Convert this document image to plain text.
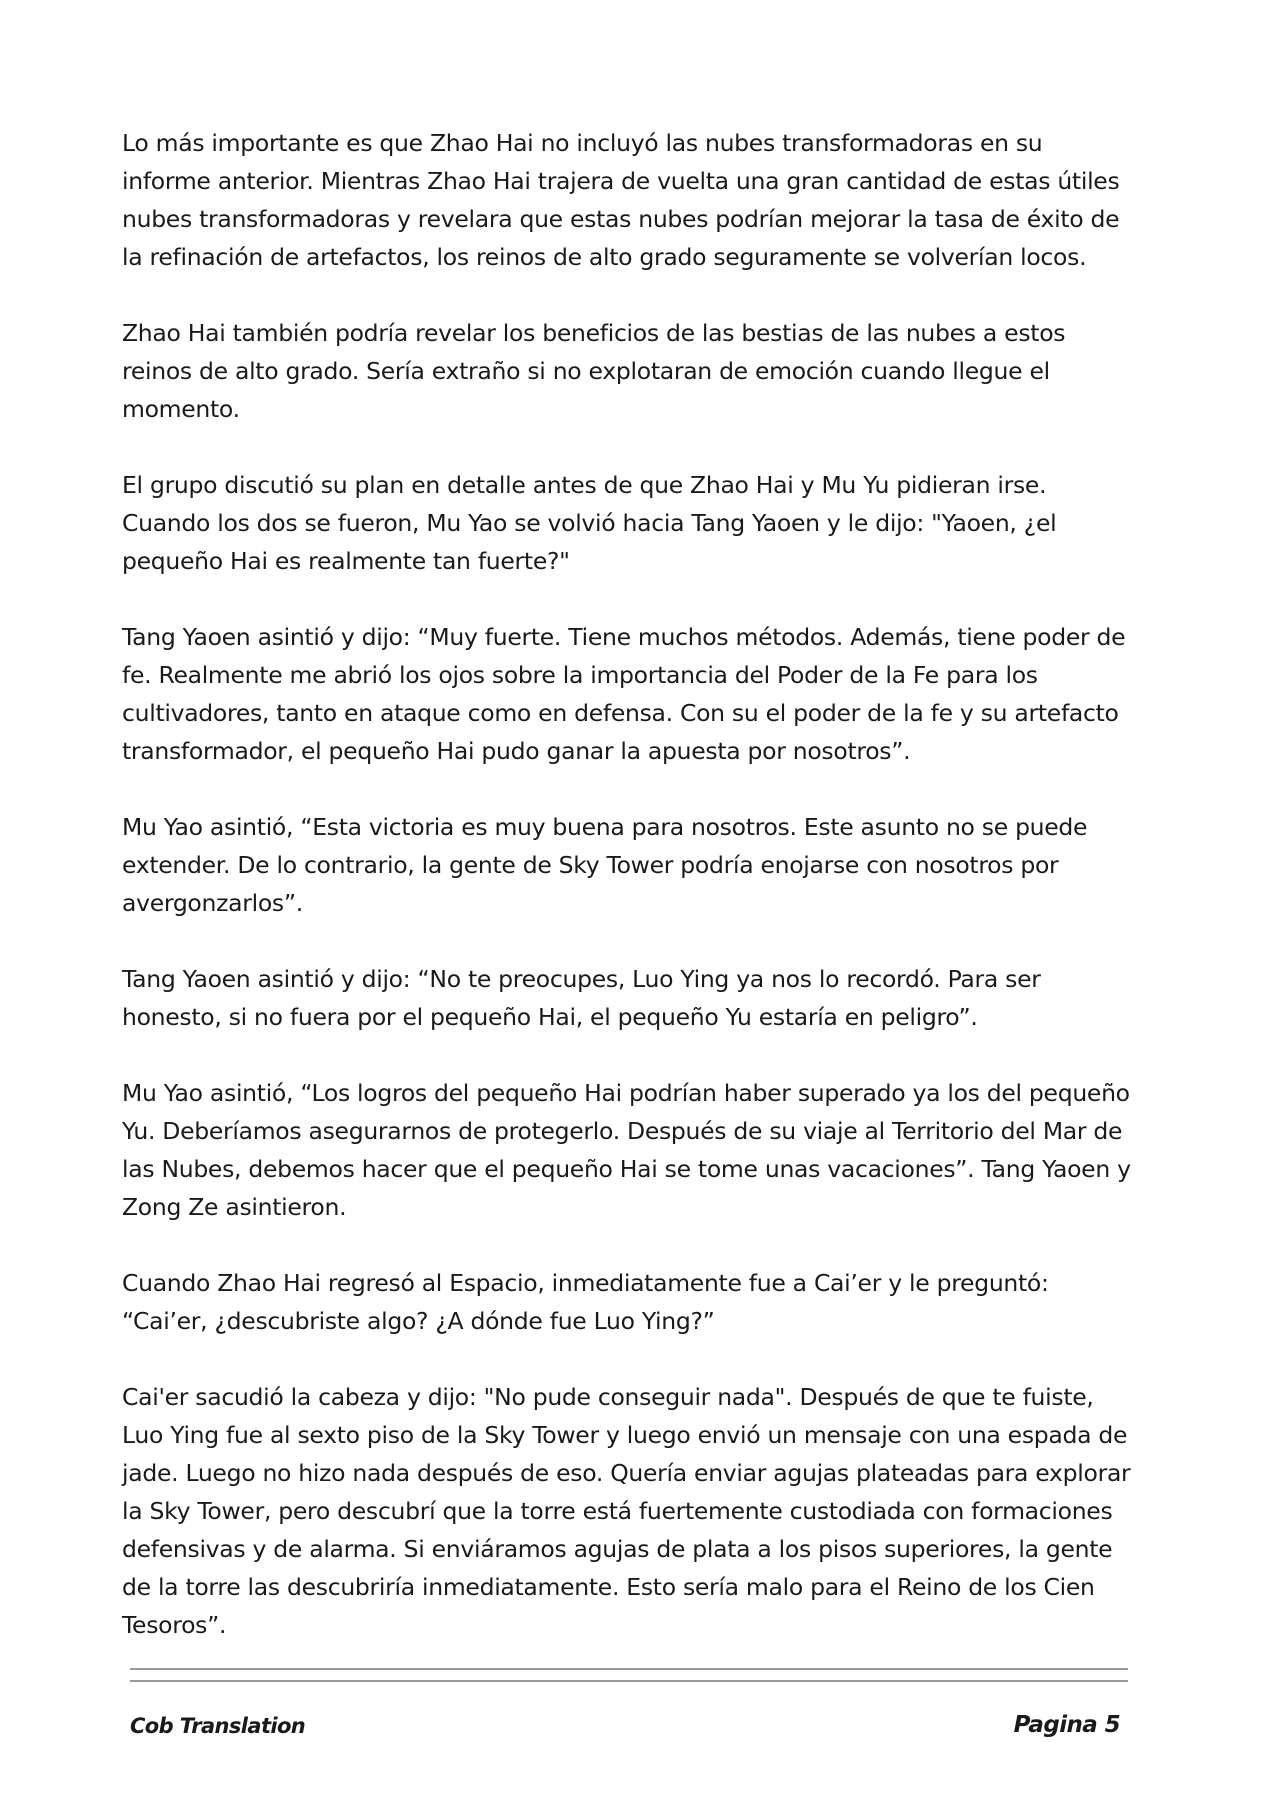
Lo más importante es que Zhao Hai no incluyó las nubes transformadoras en su informe anterior. Mientras Zhao Hai trajera de vuelta una gran cantidad de estas útiles nubes transformadoras y revelara que estas nubes podrían mejorar la tasa de éxito de la refinación de artefactos, los reinos de alto grado seguramente se volverían locos.

Zhao Hai también podría revelar los beneficios de las bestias de las nubes a estos reinos de alto grado. Sería extraño si no explotaran de emoción cuando llegue el momento.

El grupo discutió su plan en detalle antes de que Zhao Hai y Mu Yu pidieran irse. Cuando los dos se fueron, Mu Yao se volvió hacia Tang Yaoen y le dijo: "Yaoen, ¿el pequeño Hai es realmente tan fuerte?"

Tang Yaoen asintió y dijo: “Muy fuerte. Tiene muchos métodos. Además, tiene poder de fe. Realmente me abrió los ojos sobre la importancia del Poder de la Fe para los cultivadores, tanto en ataque como en defensa. Con su el poder de la fe y su artefacto transformador, el pequeño Hai pudo ganar la apuesta por nosotros”.

Mu Yao asintió, “Esta victoria es muy buena para nosotros. Este asunto no se puede extender. De lo contrario, la gente de Sky Tower podría enojarse con nosotros por avergonzarlos”.

Tang Yaoen asintió y dijo: “No te preocupes, Luo Ying ya nos lo recordó. Para ser honesto, si no fuera por el pequeño Hai, el pequeño Yu estaría en peligro”.

Mu Yao asintió, “Los logros del pequeño Hai podrían haber superado ya los del pequeño Yu. Deberíamos asegurarnos de protegerlo. Después de su viaje al Territorio del Mar de las Nubes, debemos hacer que el pequeño Hai se tome unas vacaciones”. Tang Yaoen y Zong Ze asintieron.

Cuando Zhao Hai regresó al Espacio, inmediatamente fue a Cai’er y le preguntó: “Cai’er, ¿descubriste algo? ¿A dónde fue Luo Ying?”

Cai'er sacudió la cabeza y dijo: "No pude conseguir nada". Después de que te fuiste, Luo Ying fue al sexto piso de la Sky Tower y luego envió un mensaje con una espada de jade. Luego no hizo nada después de eso. Quería enviar agujas plateadas para explorar la Sky Tower, pero descubrí que la torre está fuertemente custodiada con formaciones defensivas y de alarma. Si enviáramos agujas de plata a los pisos superiores, la gente de la torre las descubriría inmediatamente. Esto sería malo para el Reino de los Cien Tesoros”.

Cob Translation	Pagina 5
